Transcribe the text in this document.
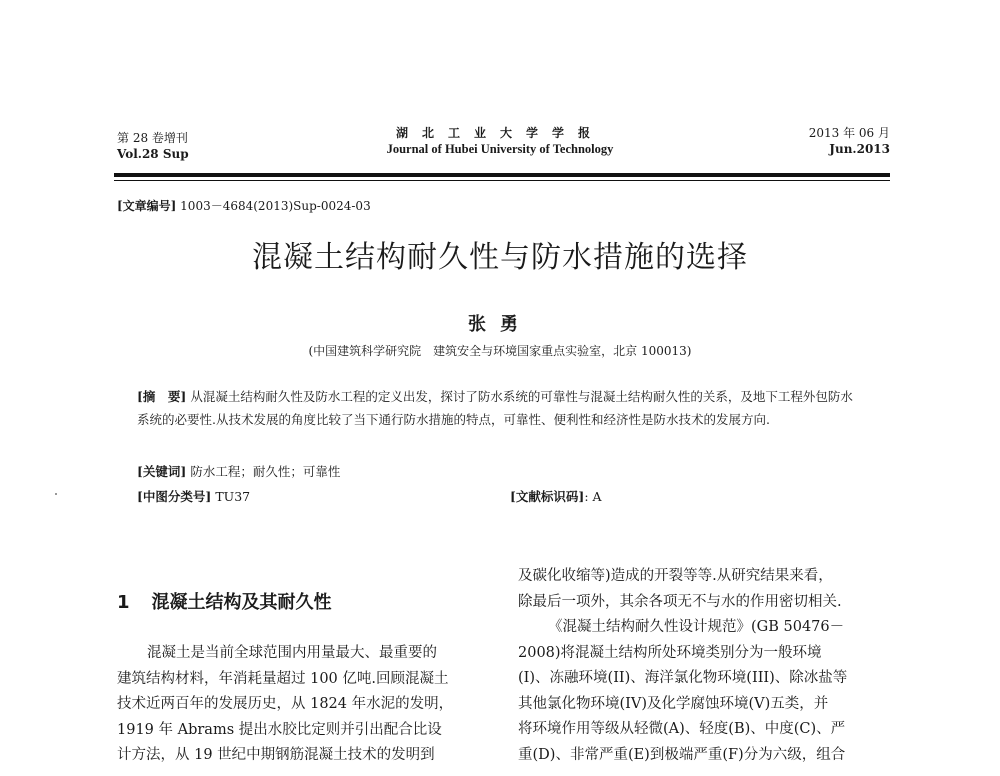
第 28 卷增刊
Vol.28 Sup
湖北工业大学学报
Journal of Hubei University of Technology
2013 年 06 月
Jun.2013
[文章编号] 1003－4684(2013)Sup-0024-03
混凝土结构耐久性与防水措施的选择
张勇
(中国建筑科学研究院　建筑安全与环境国家重点实验室，北京 100013)
[摘　要] 从混凝土结构耐久性及防水工程的定义出发，探讨了防水系统的可靠性与混凝土结构耐久性的关系，及地下工程外包防水系统的必要性.从技术发展的角度比较了当下通行防水措施的特点，可靠性、便利性和经济性是防水技术的发展方向.
[关键词] 防水工程；耐久性；可靠性
[中图分类号] TU37	[文献标识码]: A
1 混凝土结构及其耐久性

混凝土是当前全球范围内用量最大、最重要的

建筑结构材料，年消耗量超过 100 亿吨.回顾混凝土

技术近两百年的发展历史，从 1824 年水泥的发明，

1919 年 Abrams 提出水胶比定则并引出配合比设

计方法，从 19 世纪中期钢筋混凝土技术的发明到

及碳化收缩等)造成的开裂等等.从研究结果来看，

除最后一项外，其余各项无不与水的作用密切相关.

《混凝土结构耐久性设计规范》(GB 50476－

2008)将混凝土结构所处环境类别分为一般环境

(I)、冻融环境(II)、海洋氯化物环境(III)、除冰盐等

其他氯化物环境(IV)及化学腐蚀环境(V)五类，并

将环境作用等级从轻微(A)、轻度(B)、中度(C)、严

重(D)、非常严重(E)到极端严重(F)分为六级，组合
